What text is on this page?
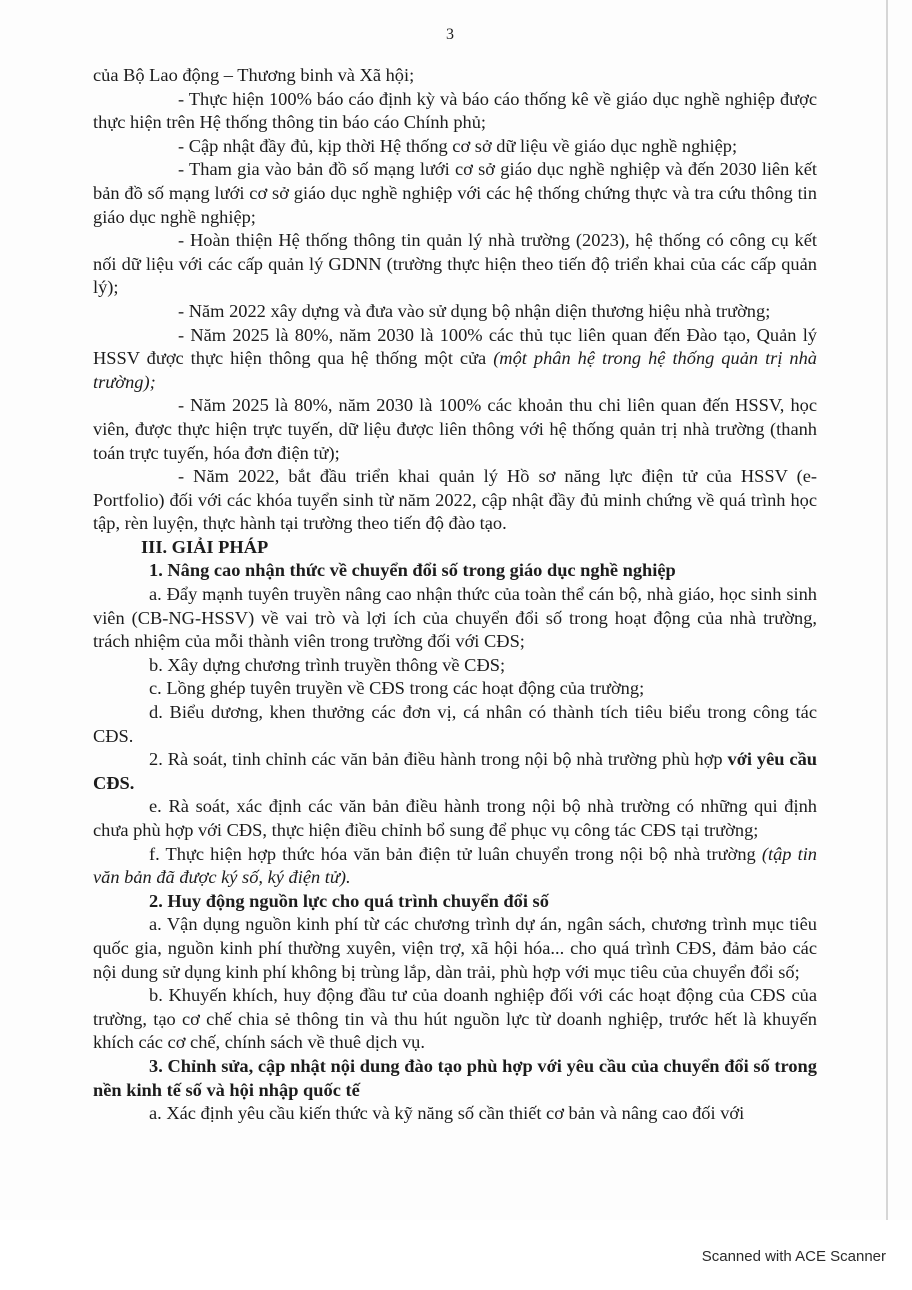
3

của Bộ Lao động – Thương binh và Xã hội;

- Thực hiện 100% báo cáo định kỳ và báo cáo thống kê về giáo dục nghề nghiệp được thực hiện trên Hệ thống thông tin báo cáo Chính phủ;

- Cập nhật đầy đủ, kịp thời Hệ thống cơ sở dữ liệu về giáo dục nghề nghiệp;

- Tham gia vào bản đồ số mạng lưới cơ sở giáo dục nghề nghiệp và đến 2030 liên kết bản đồ số mạng lưới cơ sở giáo dục nghề nghiệp với các hệ thống chứng thực và tra cứu thông tin giáo dục nghề nghiệp;

- Hoàn thiện Hệ thống thông tin quản lý nhà trường (2023), hệ thống có công cụ kết nối dữ liệu với các cấp quản lý GDNN (trường thực hiện theo tiến độ triển khai của các cấp quản lý);

- Năm 2022 xây dựng và đưa vào sử dụng bộ nhận diện thương hiệu nhà trường;

- Năm 2025 là 80%, năm 2030 là 100% các thủ tục liên quan đến Đào tạo, Quản lý HSSV được thực hiện thông qua hệ thống một cửa (một phân hệ trong hệ thống quản trị nhà trường);

- Năm 2025 là 80%, năm 2030 là 100% các khoản thu chi liên quan đến HSSV, học viên, được thực hiện trực tuyến, dữ liệu được liên thông với hệ thống quản trị nhà trường (thanh toán trực tuyến, hóa đơn điện tử);

- Năm 2022, bắt đầu triển khai quản lý Hồ sơ năng lực điện tử của HSSV (e- Portfolio) đối với các khóa tuyển sinh từ năm 2022, cập nhật đầy đủ minh chứng về quá trình học tập, rèn luyện, thực hành tại trường theo tiến độ đào tạo.

III. GIẢI PHÁP

1. Nâng cao nhận thức về chuyển đổi số trong giáo dục nghề nghiệp

a. Đẩy mạnh tuyên truyền nâng cao nhận thức của toàn thể cán bộ, nhà giáo, học sinh sinh viên (CB-NG-HSSV) về vai trò và lợi ích của chuyển đổi số trong hoạt động của nhà trường, trách nhiệm của mỗi thành viên trong trường đối với CĐS;

b. Xây dựng chương trình truyền thông về CĐS;

c. Lồng ghép tuyên truyền về CĐS trong các hoạt động của trường;

d. Biểu dương, khen thưởng các đơn vị, cá nhân có thành tích tiêu biểu trong công tác CĐS.

2. Rà soát, tinh chỉnh các văn bản điều hành trong nội bộ nhà trường phù hợp với yêu cầu CĐS.

e. Rà soát, xác định các văn bản điều hành trong nội bộ nhà trường có những qui định chưa phù hợp với CĐS, thực hiện điều chỉnh bổ sung để phục vụ công tác CĐS tại trường;

f. Thực hiện hợp thức hóa văn bản điện tử luân chuyển trong nội bộ nhà trường (tập tin văn bản đã được ký số, ký điện tử).

2. Huy động nguồn lực cho quá trình chuyển đổi số

a. Vận dụng nguồn kinh phí từ các chương trình dự án, ngân sách, chương trình mục tiêu quốc gia, nguồn kinh phí thường xuyên, viện trợ, xã hội hóa... cho quá trình CĐS, đảm bảo các nội dung sử dụng kinh phí không bị trùng lắp, dàn trải, phù hợp với mục tiêu của chuyển đổi số;

b. Khuyến khích, huy động đầu tư của doanh nghiệp đối với các hoạt động của CĐS của trường, tạo cơ chế chia sẻ thông tin và thu hút nguồn lực từ doanh nghiệp, trước hết là khuyến khích các cơ chế, chính sách về thuê dịch vụ.

3. Chỉnh sửa, cập nhật nội dung đào tạo phù hợp với yêu cầu của chuyển đổi số trong nền kinh tế số và hội nhập quốc tế

a. Xác định yêu cầu kiến thức và kỹ năng số cần thiết cơ bản và nâng cao đối với

Scanned with ACE Scanner
